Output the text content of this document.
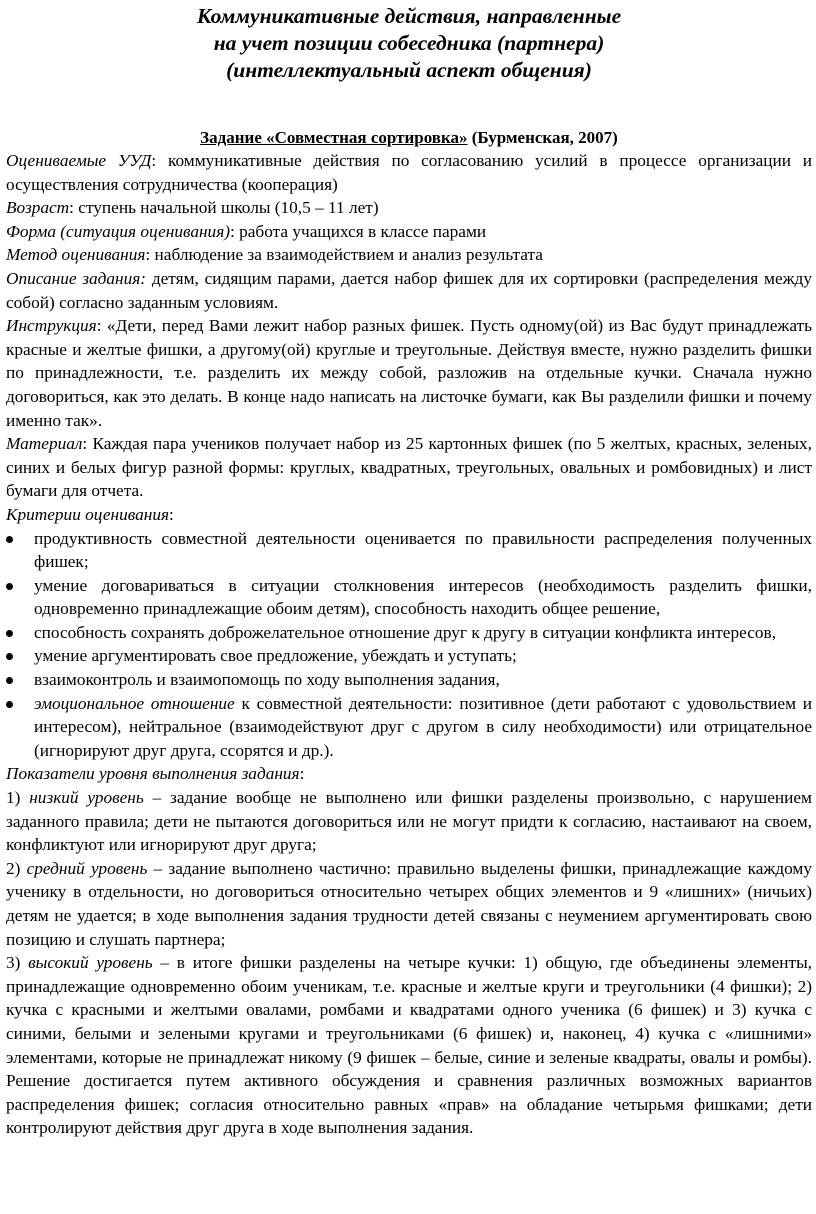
Коммуникативные действия, направленные
на учет позиции собеседника (партнера)
(интеллектуальный аспект общения)
Задание «Совместная сортировка» (Бурменская, 2007)

Оцениваемые УУД: коммуникативные действия по согласованию усилий в процессе организации и осуществления сотрудничества (кооперация)

Возраст: ступень начальной школы (10,5 – 11 лет)

Форма (ситуация оценивания): работа учащихся в классе парами

Метод оценивания: наблюдение за взаимодействием и анализ результата

Описание задания: детям, сидящим парами, дается набор фишек для их сортировки (распределения между собой) согласно заданным условиям.

Инструкция: «Дети, перед Вами лежит набор разных фишек. Пусть одному(ой) из Вас будут принадлежать красные и желтые фишки, а другому(ой) круглые и треугольные. Действуя вместе, нужно разделить фишки по принадлежности, т.е. разделить их между собой, разложив на отдельные кучки. Сначала нужно договориться, как это делать. В конце надо написать на листочке бумаги, как Вы разделили фишки и почему именно так».

Материал: Каждая пара учеников получает набор из 25 картонных фишек (по 5 желтых, красных, зеленых, синих и белых фигур разной формы: круглых, квадратных, треугольных, овальных и ромбовидных) и лист бумаги для отчета.

Критерии оценивания:

продуктивность совместной деятельности оценивается по правильности распределения полученных фишек;
умение договариваться в ситуации столкновения интересов (необходимость разделить фишки, одновременно принадлежащие обоим детям), способность находить общее решение,
способность сохранять доброжелательное отношение друг к другу в ситуации конфликта интересов,
умение аргументировать свое предложение, убеждать и уступать;
взаимоконтроль и взаимопомощь по ходу выполнения задания,
эмоциональное отношение к совместной деятельности: позитивное (дети работают с удовольствием и интересом), нейтральное (взаимодействуют друг с другом в силу необходимости) или отрицательное (игнорируют друг друга, ссорятся и др.).

Показатели уровня выполнения задания:

1) низкий уровень – задание вообще не выполнено или фишки разделены произвольно, с нарушением заданного правила; дети не пытаются договориться или не могут придти к согласию, настаивают на своем, конфликтуют или игнорируют друг друга;

2) средний уровень – задание выполнено частично: правильно выделены фишки, принадлежащие каждому ученику в отдельности, но договориться относительно четырех общих элементов и 9 «лишних» (ничьих) детям не удается; в ходе выполнения задания трудности детей связаны с неумением аргументировать свою позицию и слушать партнера;

3) высокий уровень – в итоге фишки разделены на четыре кучки: 1) общую, где объединены элементы, принадлежащие одновременно обоим ученикам, т.е. красные и желтые круги и треугольники (4 фишки); 2) кучка с красными и желтыми овалами, ромбами и квадратами одного ученика (6 фишек) и 3) кучка с синими, белыми и зелеными кругами и треугольниками (6 фишек) и, наконец, 4) кучка с «лишними» элементами, которые не принадлежат никому (9 фишек – белые, синие и зеленые квадраты, овалы и ромбы). Решение достигается путем активного обсуждения и сравнения различных возможных вариантов распределения фишек; согласия относительно равных «прав» на обладание четырьмя фишками; дети контролируют действия друг друга в ходе выполнения задания.
